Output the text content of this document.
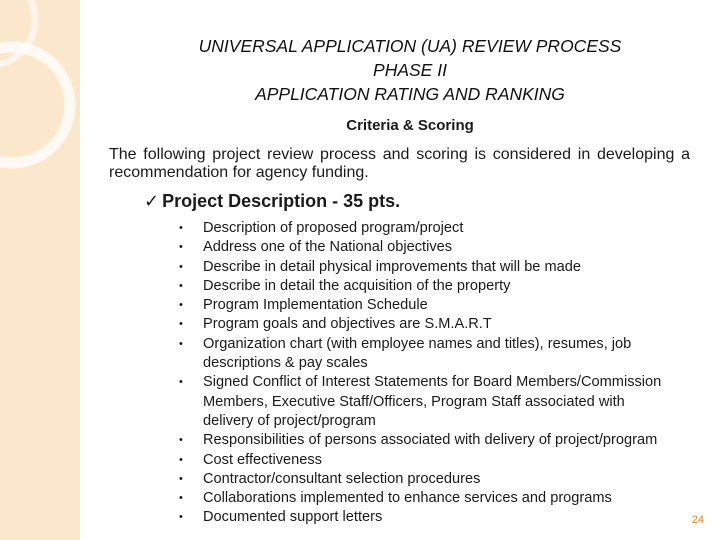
UNIVERSAL APPLICATION (UA) REVIEW PROCESS
PHASE II
APPLICATION RATING AND RANKING
Criteria & Scoring
The following project review process and scoring is considered in developing a recommendation for agency funding.
✓ Project Description - 35 pts.
• Description of proposed program/project
• Address one of the National objectives
• Describe in detail physical improvements that will be made
• Describe in detail the acquisition of the property
• Program Implementation Schedule
• Program goals and objectives are S.M.A.R.T
• Organization chart (with employee names and titles), resumes, job descriptions & pay scales
• Signed Conflict of Interest Statements for Board Members/Commission Members, Executive Staff/Officers, Program Staff associated with delivery of project/program
• Responsibilities of persons associated with delivery of project/program
• Cost effectiveness
• Contractor/consultant selection procedures
• Collaborations implemented to enhance services and programs
• Documented support letters	24
